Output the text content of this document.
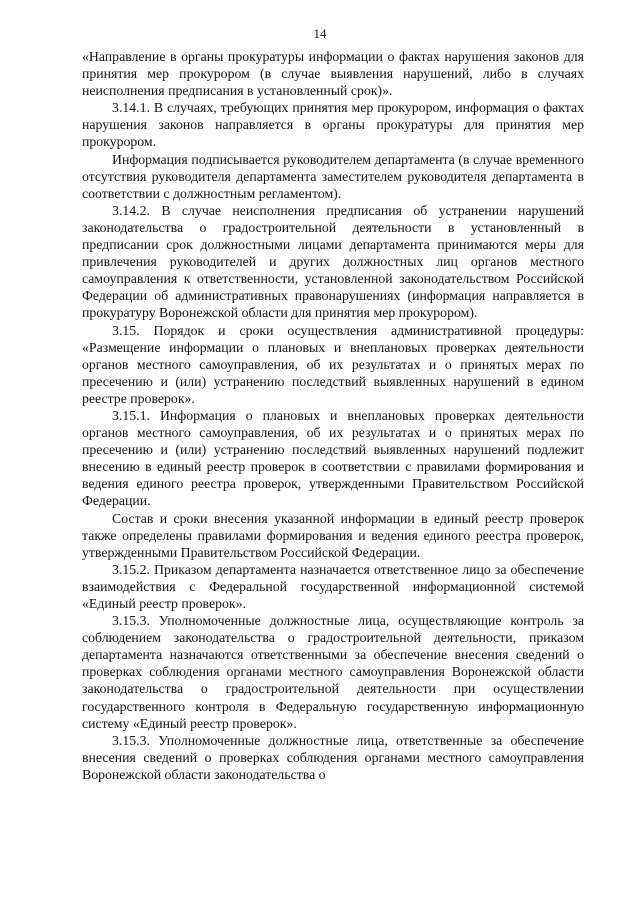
14

«Направление в органы прокуратуры информации о фактах нарушения законов для принятия мер прокурором (в случае выявления нарушений, либо в случаях неисполнения предписания в установленный срок)».

3.14.1. В случаях, требующих принятия мер прокурором, информация о фактах нарушения законов направляется в органы прокуратуры для принятия мер прокурором.

Информация подписывается руководителем департамента (в случае временного отсутствия руководителя департамента заместителем руководителя департамента в соответствии с должностным регламентом).

3.14.2. В случае неисполнения предписания об устранении нарушений законодательства о градостроительной деятельности в установленный в предписании срок должностными лицами департамента принимаются меры для привлечения руководителей и других должностных лиц органов местного самоуправления к ответственности, установленной законодательством Российской Федерации об административных правонарушениях (информация направляется в прокуратуру Воронежской области для принятия мер прокурором).

3.15. Порядок и сроки осуществления административной процедуры: «Размещение информации о плановых и внеплановых проверках деятельности органов местного самоуправления, об их результатах и о принятых мерах по пресечению и (или) устранению последствий выявленных нарушений в едином реестре проверок».

3.15.1. Информация о плановых и внеплановых проверках деятельности органов местного самоуправления, об их результатах и о принятых мерах по пресечению и (или) устранению последствий выявленных нарушений подлежит внесению в единый реестр проверок в соответствии с правилами формирования и ведения единого реестра проверок, утвержденными Правительством Российской Федерации.

Состав и сроки внесения указанной информации в единый реестр проверок также определены правилами формирования и ведения единого реестра проверок, утвержденными Правительством Российской Федерации.

3.15.2. Приказом департамента назначается ответственное лицо за обеспечение взаимодействия с Федеральной государственной информационной системой «Единый реестр проверок».

3.15.3. Уполномоченные должностные лица, осуществляющие контроль за соблюдением законодательства о градостроительной деятельности, приказом департамента назначаются ответственными за обеспечение внесения сведений о проверках соблюдения органами местного самоуправления Воронежской области законодательства о градостроительной деятельности при осуществлении государственного контроля в Федеральную государственную информационную систему «Единый реестр проверок».

3.15.3. Уполномоченные должностные лица, ответственные за обеспечение внесения сведений о проверках соблюдения органами местного самоуправления Воронежской области законодательства о
